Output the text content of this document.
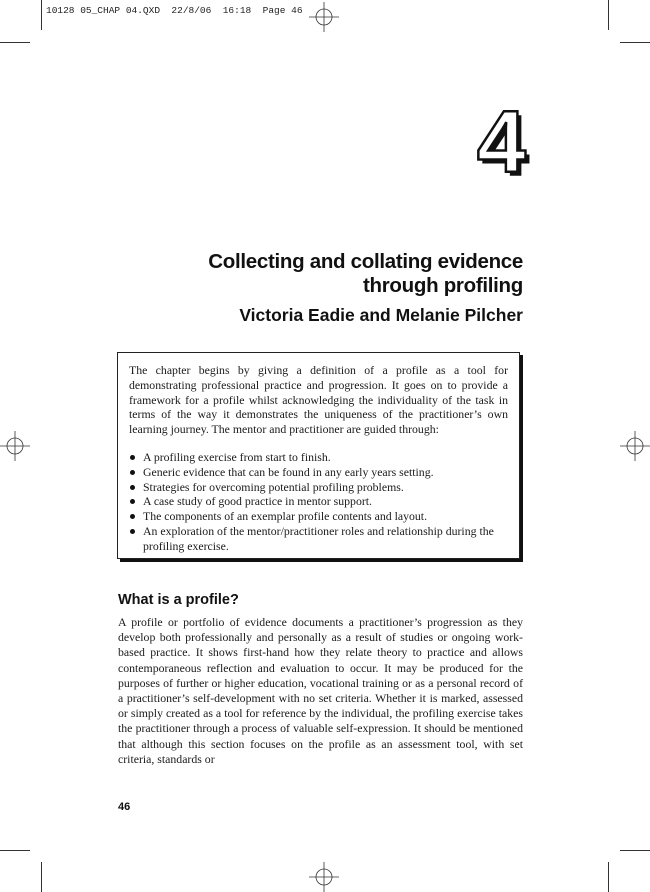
10128 05_CHAP 04.QXD  22/8/06  16:18  Page 46
4
Collecting and collating evidence
through profiling
Victoria Eadie and Melanie Pilcher

The chapter begins by giving a definition of a profile as a tool for demonstrating professional practice and progression. It goes on to provide a framework for a profile whilst acknowledging the individuality of the task in terms of the way it demonstrates the uniqueness of the practitioner’s own learning journey. The mentor and practitioner are guided through:

A profiling exercise from start to finish.
Generic evidence that can be found in any early years setting.
Strategies for overcoming potential profiling problems.
A case study of good practice in mentor support.
The components of an exemplar profile contents and layout.
An exploration of the mentor/practitioner roles and relationship during the profiling exercise.
What is a profile?
A profile or portfolio of evidence documents a practitioner’s progression as they develop both professionally and personally as a result of studies or ongoing work-based practice. It shows first-hand how they relate theory to practice and allows contemporaneous reflection and evaluation to occur. It may be produced for the purposes of further or higher education, vocational training or as a personal record of a practitioner’s self-development with no set criteria. Whether it is marked, assessed or simply created as a tool for reference by the individual, the profiling exercise takes the practitioner through a process of valuable self-expression. It should be mentioned that although this section focuses on the profile as an assessment tool, with set criteria, standards or
46
